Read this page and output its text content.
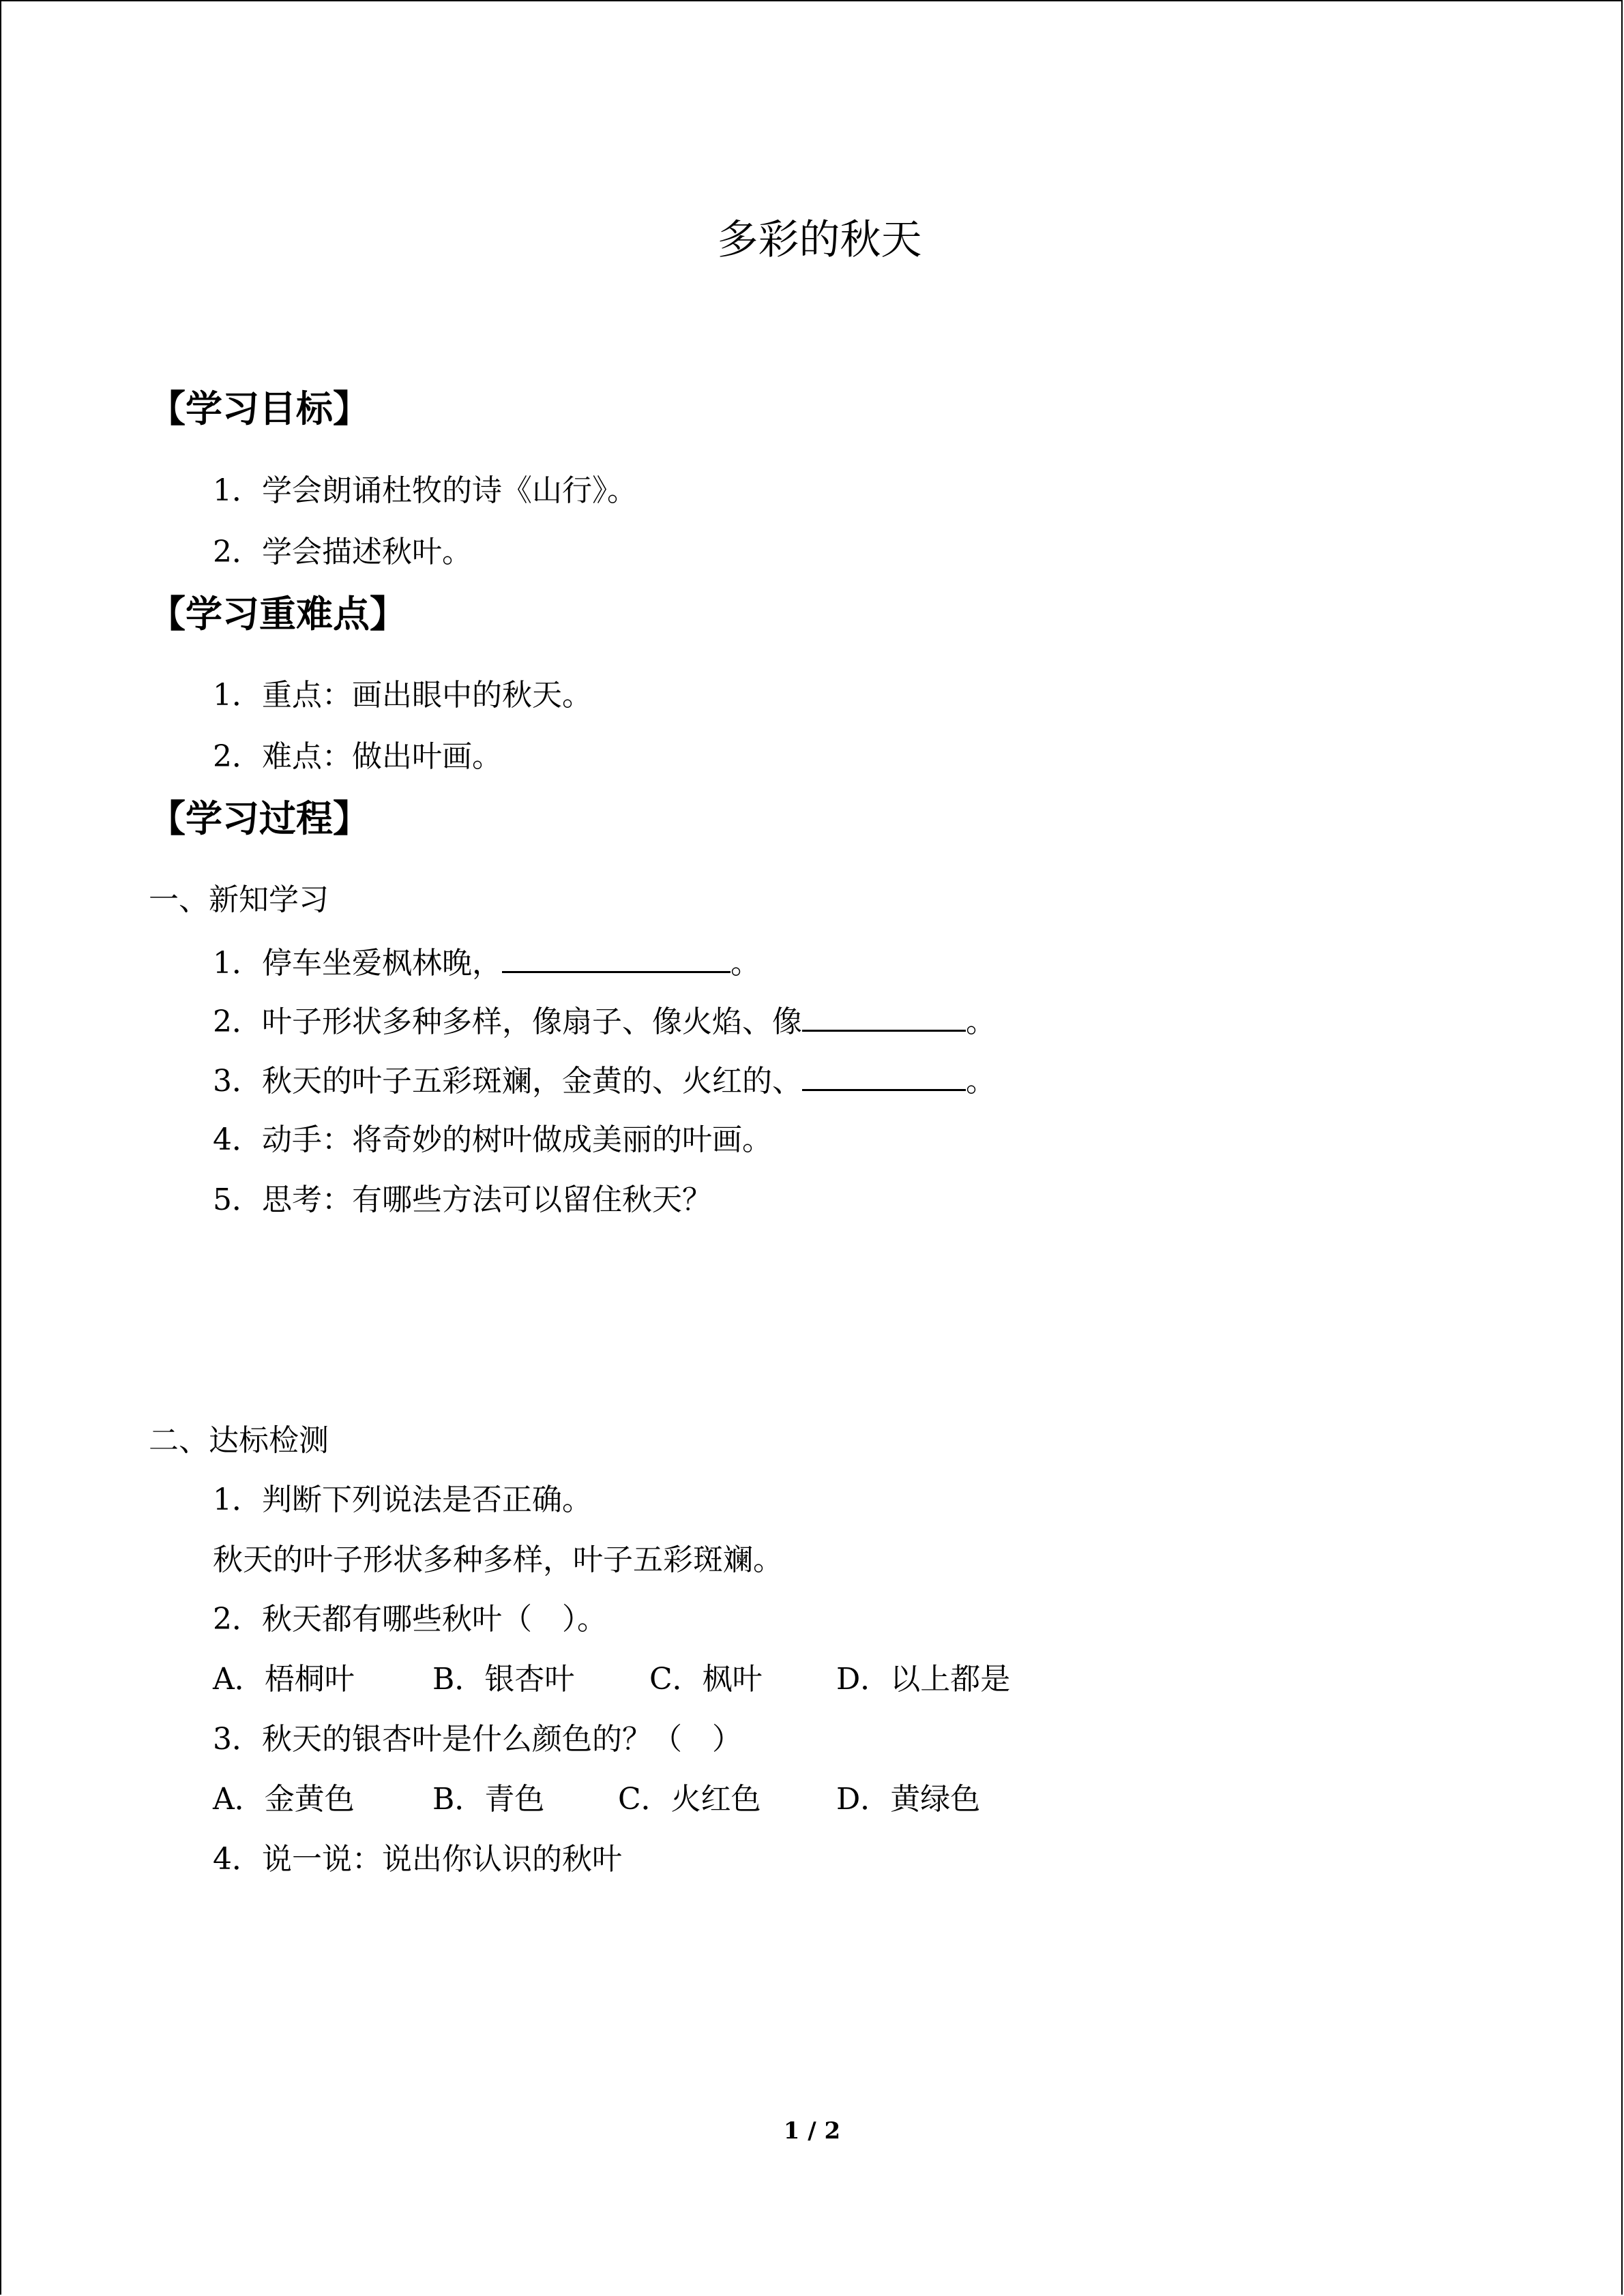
多彩的秋天
【学习目标】
1．学会朗诵杜牧的诗《山行》。
2．学会描述秋叶。
【学习重难点】
1．重点：画出眼中的秋天。
2．难点：做出叶画。
【学习过程】
一、新知学习
1．停车坐爱枫林晚，	。
2．叶子形状多种多样，像扇子、像火焰、像	。
3．秋天的叶子五彩斑斓，金黄的、火红的、	。
4．动手：将奇妙的树叶做成美丽的叶画。
5．思考：有哪些方法可以留住秋天？
二、达标检测
1．判断下列说法是否正确。
秋天的叶子形状多种多样，叶子五彩斑斓。
2．秋天都有哪些秋叶（　）。
A．梧桐叶	B．银杏叶 C．枫叶 D．以上都是
3．秋天的银杏叶是什么颜色的？（　）
A．金黄色	B．青色 C．火红色	D．黄绿色
4．说一说：说出你认识的秋叶
1 / 2
